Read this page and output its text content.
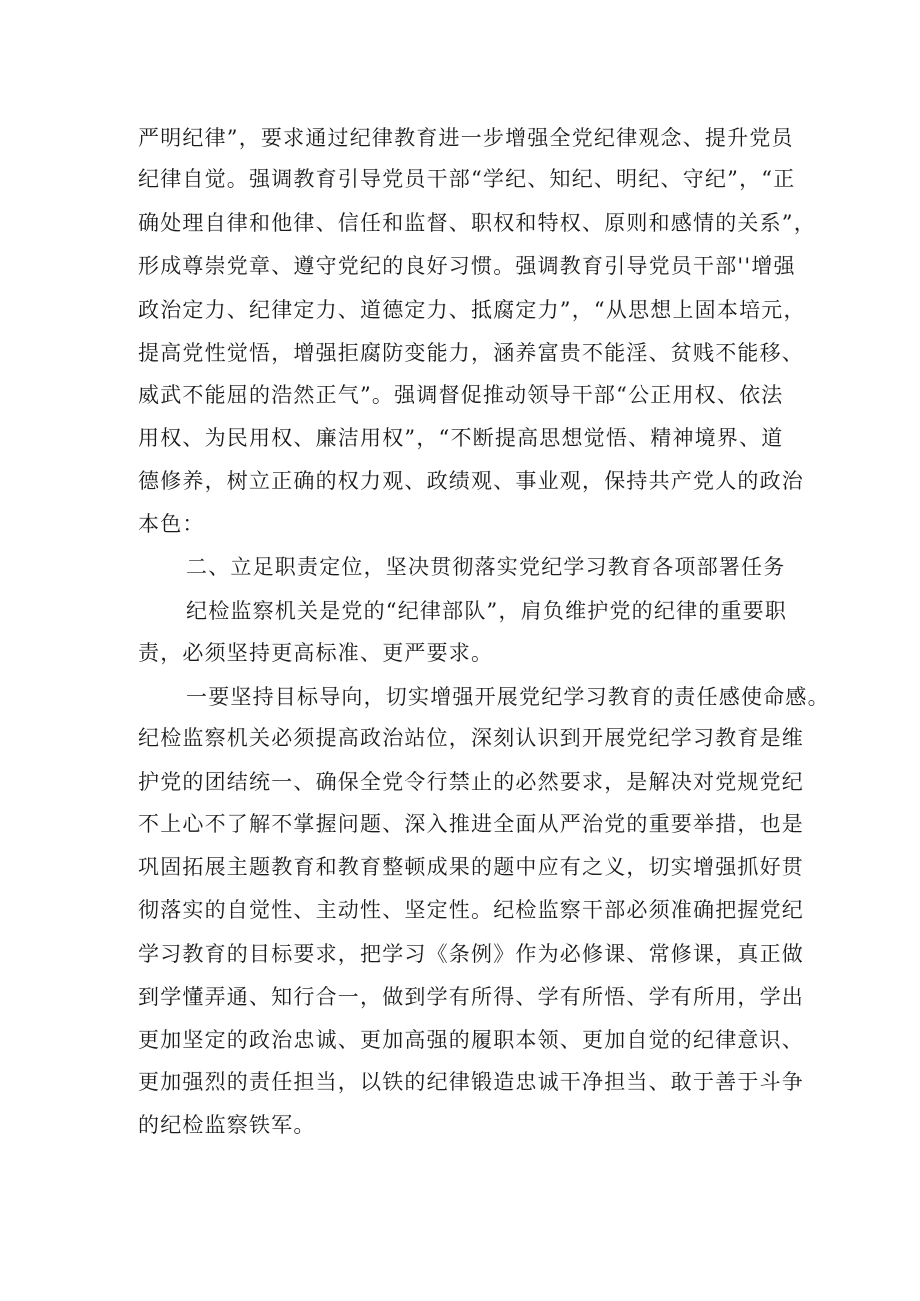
严明纪律”，要求通过纪律教育进一步增强全党纪律观念、提升党员
纪律自觉。强调教育引导党员干部“学纪、知纪、明纪、守纪”，“正
确处理自律和他律、信任和监督、职权和特权、原则和感情的关系”，
形成尊崇党章、遵守党纪的良好习惯。强调教育引导党员干部''增强
政治定力、纪律定力、道德定力、抵腐定力”，“从思想上固本培元，
提高党性觉悟，增强拒腐防变能力，涵养富贵不能淫、贫贱不能移、
威武不能屈的浩然正气”。强调督促推动领导干部“公正用权、依法
用权、为民用权、廉洁用权”，“不断提高思想觉悟、精神境界、道
德修养，树立正确的权力观、政绩观、事业观，保持共产党人的政治
本色：
二、立足职责定位，坚决贯彻落实党纪学习教育各项部署任务
纪检监察机关是党的“纪律部队”，肩负维护党的纪律的重要职
责，必须坚持更高标准、更严要求。
一要坚持目标导向，切实增强开展党纪学习教育的责任感使命感。
纪检监察机关必须提高政治站位，深刻认识到开展党纪学习教育是维
护党的团结统一、确保全党令行禁止的必然要求，是解决对党规党纪
不上心不了解不掌握问题、深入推进全面从严治党的重要举措，也是
巩固拓展主题教育和教育整顿成果的题中应有之义，切实增强抓好贯
彻落实的自觉性、主动性、坚定性。纪检监察干部必须准确把握党纪
学习教育的目标要求，把学习《条例》作为必修课、常修课，真正做
到学懂弄通、知行合一，做到学有所得、学有所悟、学有所用，学出
更加坚定的政治忠诚、更加高强的履职本领、更加自觉的纪律意识、
更加强烈的责任担当，以铁的纪律锻造忠诚干净担当、敢于善于斗争
的纪检监察铁军。
